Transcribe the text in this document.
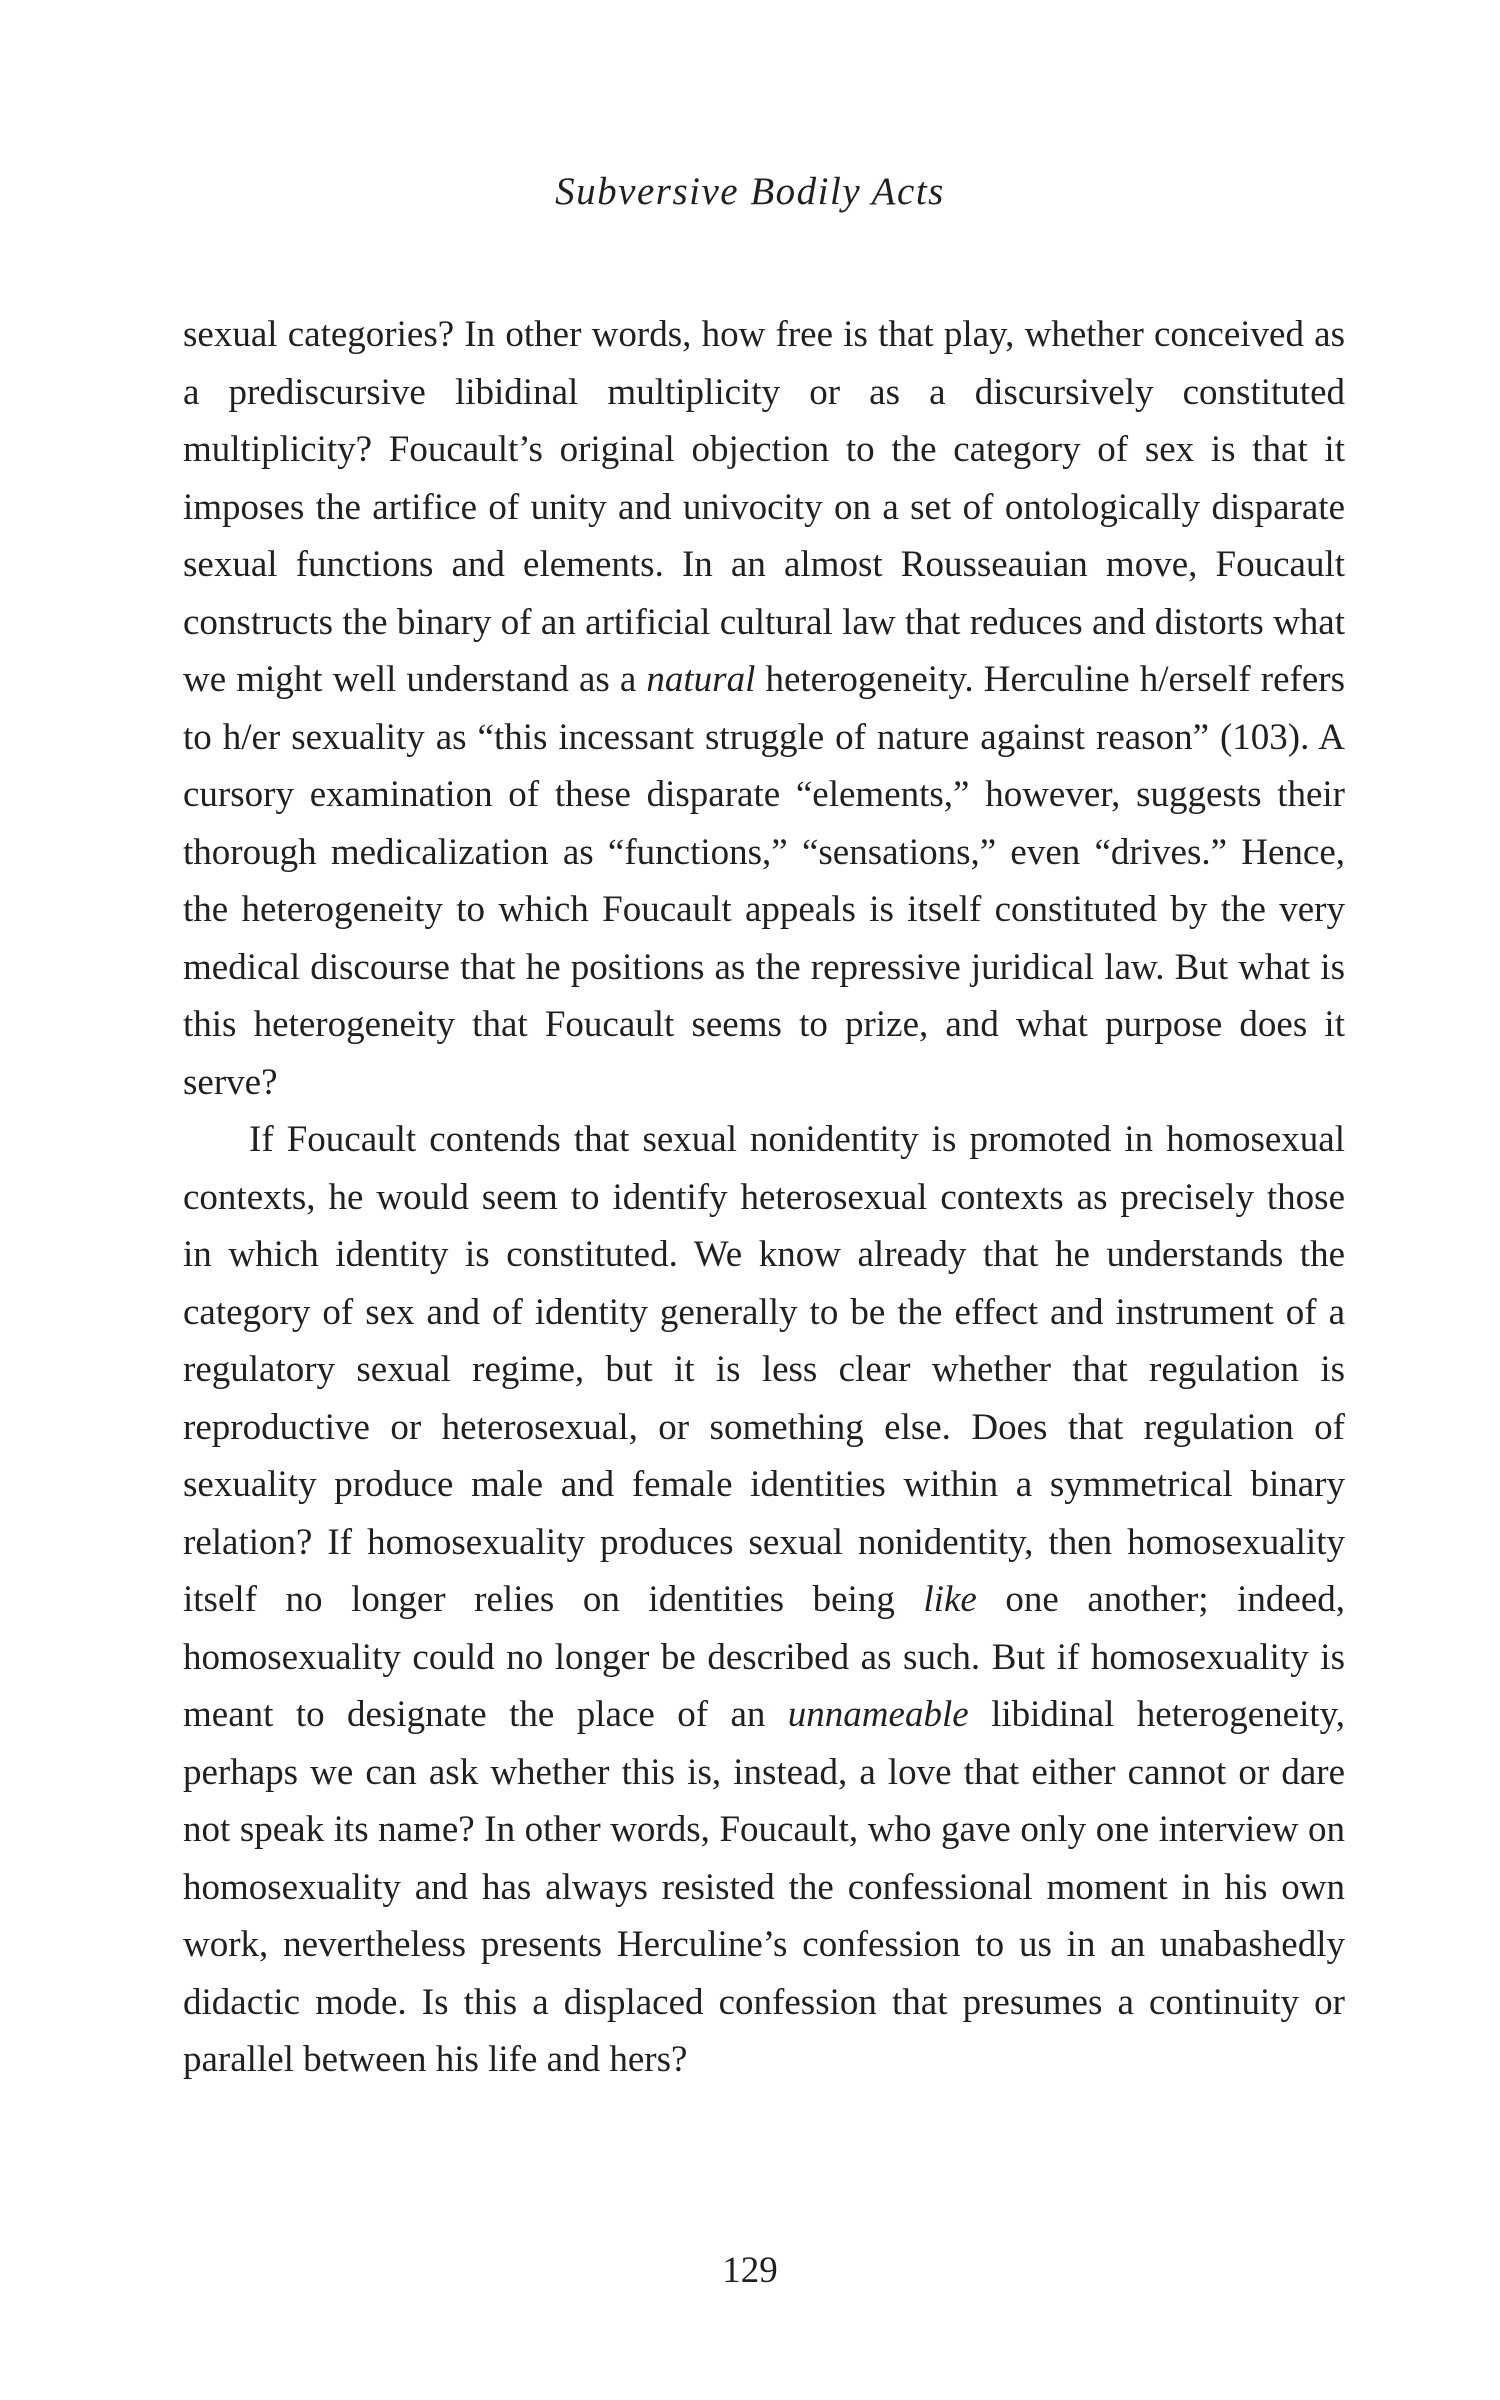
Subversive Bodily Acts

sexual categories? In other words, how free is that play, whether conceived as a prediscursive libidinal multiplicity or as a discursively constituted multiplicity? Foucault’s original objection to the category of sex is that it imposes the artifice of unity and univocity on a set of ontologically disparate sexual functions and elements. In an almost Rousseauian move, Foucault constructs the binary of an artificial cultural law that reduces and distorts what we might well understand as a natural heterogeneity. Herculine h/erself refers to h/er sexuality as “this incessant struggle of nature against reason” (103). A cursory examination of these disparate “elements,” however, suggests their thorough medicalization as “functions,” “sensations,” even “drives.” Hence, the heterogeneity to which Foucault appeals is itself constituted by the very medical discourse that he positions as the repressive juridical law. But what is this heterogeneity that Foucault seems to prize, and what purpose does it serve?

If Foucault contends that sexual nonidentity is promoted in homosexual contexts, he would seem to identify heterosexual contexts as precisely those in which identity is constituted. We know already that he understands the category of sex and of identity generally to be the effect and instrument of a regulatory sexual regime, but it is less clear whether that regulation is reproductive or heterosexual, or something else. Does that regulation of sexuality produce male and female identities within a symmetrical binary relation? If homosexuality produces sexual nonidentity, then homosexuality itself no longer relies on identities being like one another; indeed, homosexuality could no longer be described as such. But if homosexuality is meant to designate the place of an unnameable libidinal heterogeneity, perhaps we can ask whether this is, instead, a love that either cannot or dare not speak its name? In other words, Foucault, who gave only one interview on homosexuality and has always resisted the confessional moment in his own work, nevertheless presents Herculine’s confession to us in an unabashedly didactic mode. Is this a displaced confession that presumes a continuity or parallel between his life and hers?

129
